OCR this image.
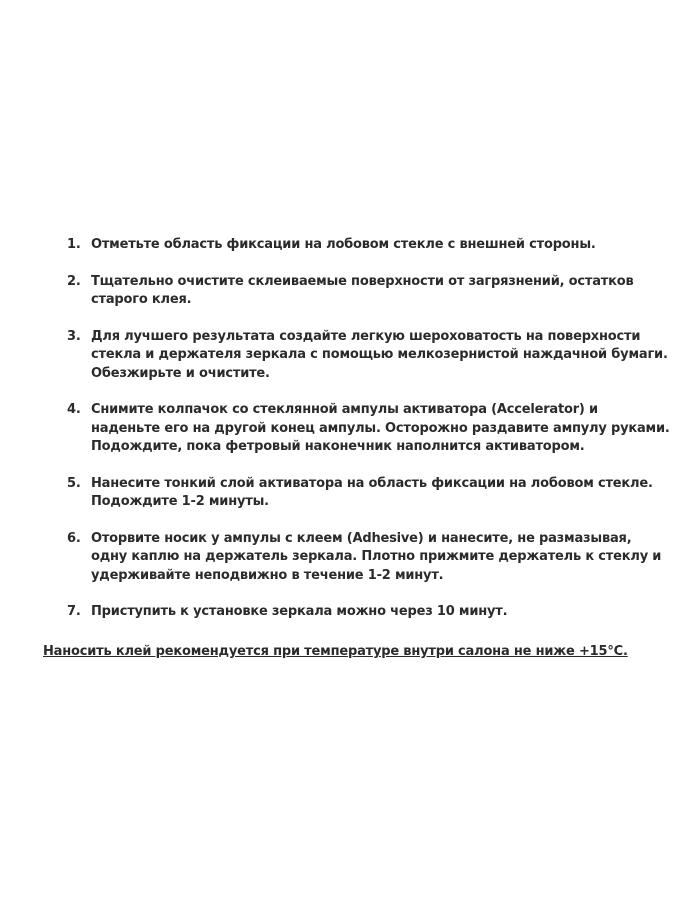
1. Отметьте область фиксации на лобовом стекле с внешней стороны.
2. Тщательно очистите склеиваемые поверхности от загрязнений, остатков старого клея.
3. Для лучшего результата создайте легкую шероховатость на поверхности стекла и держателя зеркала с помощью мелкозернистой наждачной бумаги. Обезжирьте и очистите.
4. Снимите колпачок со стеклянной ампулы активатора (Accelerator) и наденьте его на другой конец ампулы. Осторожно раздавите ампулу руками. Подождите, пока фетровый наконечник наполнится активатором.
5. Нанесите тонкий слой активатора на область фиксации на лобовом стекле. Подождите 1-2 минуты.
6. Оторвите носик у ампулы с клеем (Adhesive) и нанесите, не размазывая, одну каплю на держатель зеркала. Плотно прижмите держатель к стеклу и удерживайте неподвижно в течение 1-2 минут.
7. Приступить к установке зеркала можно через 10 минут.
Наносить клей рекомендуется при температуре внутри салона не ниже +15°С.
